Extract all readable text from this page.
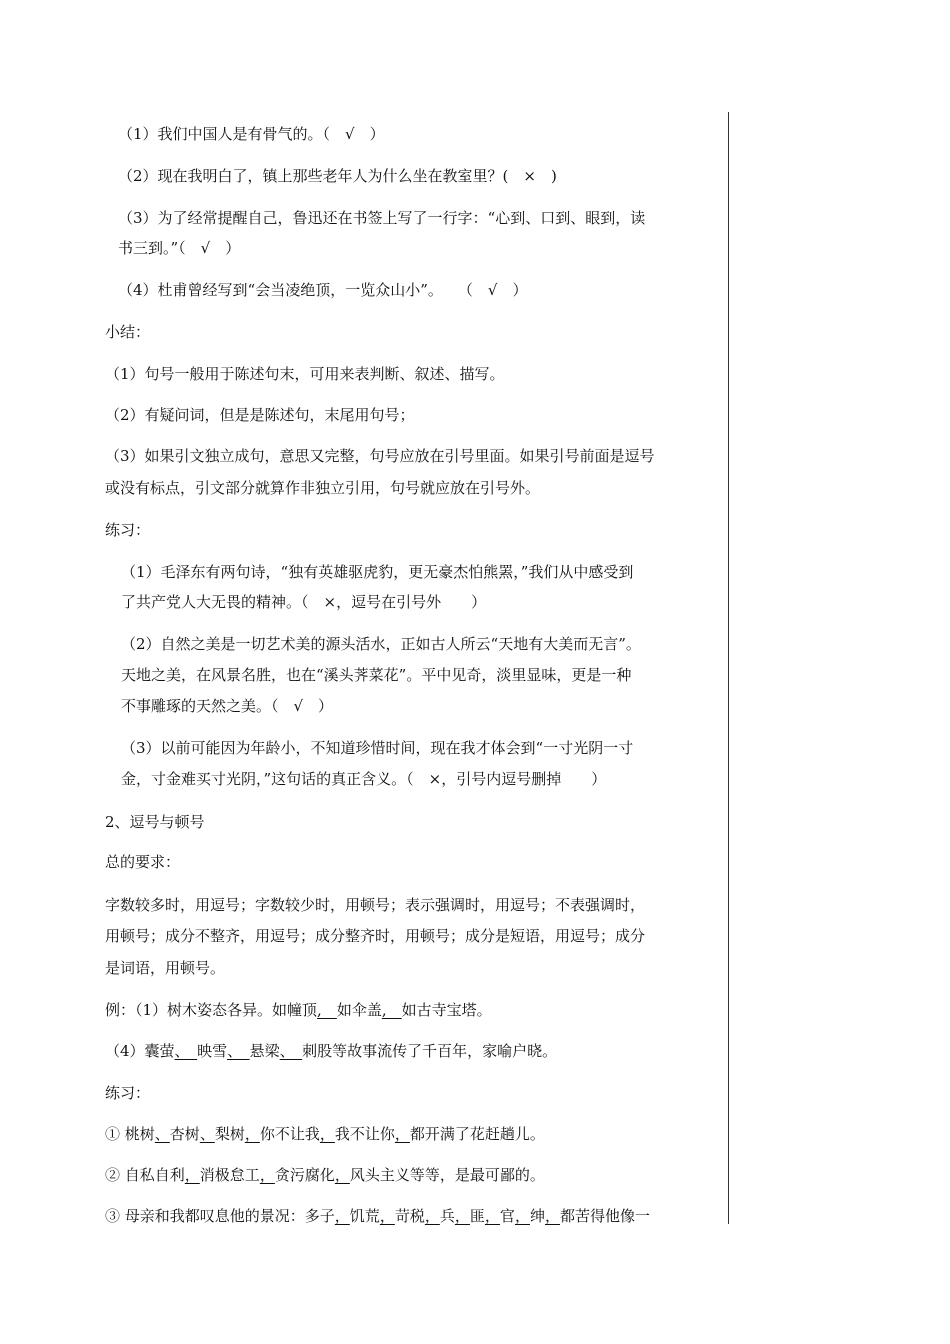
（1）我们中国人是有骨气的。（　√　）
（2）现在我明白了，镇上那些老年人为什么坐在教室里？(　×　)
（3）为了经常提醒自己，鲁迅还在书签上写了一行字：“心到、口到、眼到，读
书三到。”（　√　）
（4）杜甫曾经写到“会当凌绝顶，一览众山小”。　　（　√　）
小结：
（1）句号一般用于陈述句末，可用来表判断、叙述、描写。
（2）有疑问词，但是是陈述句，末尾用句号；
（3）如果引文独立成句，意思又完整，句号应放在引号里面。如果引号前面是逗号
或没有标点，引文部分就算作非独立引用，句号就应放在引号外。
练习：
（1）毛泽东有两句诗，“独有英雄驱虎豹，更无豪杰怕熊罴，”我们从中感受到
了共产党人大无畏的精神。（　×，逗号在引号外　　）
（2）自然之美是一切艺术美的源头活水，正如古人所云“天地有大美而无言”。
天地之美，在风景名胜，也在“溪头荠菜花”。平中见奇，淡里显味，更是一种
不事雕琢的天然之美。（　√　）
（3）以前可能因为年龄小，不知道珍惜时间，现在我才体会到“一寸光阴一寸
金，寸金难买寸光阴，”这句话的真正含义。（　×，引号内逗号删掉　　）
2、逗号与顿号
总的要求：
字数较多时，用逗号；字数较少时，用顿号；表示强调时，用逗号；不表强调时，
用顿号；成分不整齐，用逗号；成分整齐时，用顿号；成分是短语，用逗号；成分
是词语，用顿号。
例：（1）树木姿态各异。如幢顶,　如伞盖,　如古寺宝塔。
（4）囊萤、　映雪、　悬梁、　刺股等故事流传了千百年，家喻户晓。
练习：
① 桃树、杏树、梨树，你不让我，我不让你，都开满了花赶趟儿。
② 自私自利，消极怠工，贪污腐化，风头主义等等，是最可鄙的。
③ 母亲和我都叹息他的景况：多子，饥荒，苛税，兵，匪，官，绅，都苦得他像一
